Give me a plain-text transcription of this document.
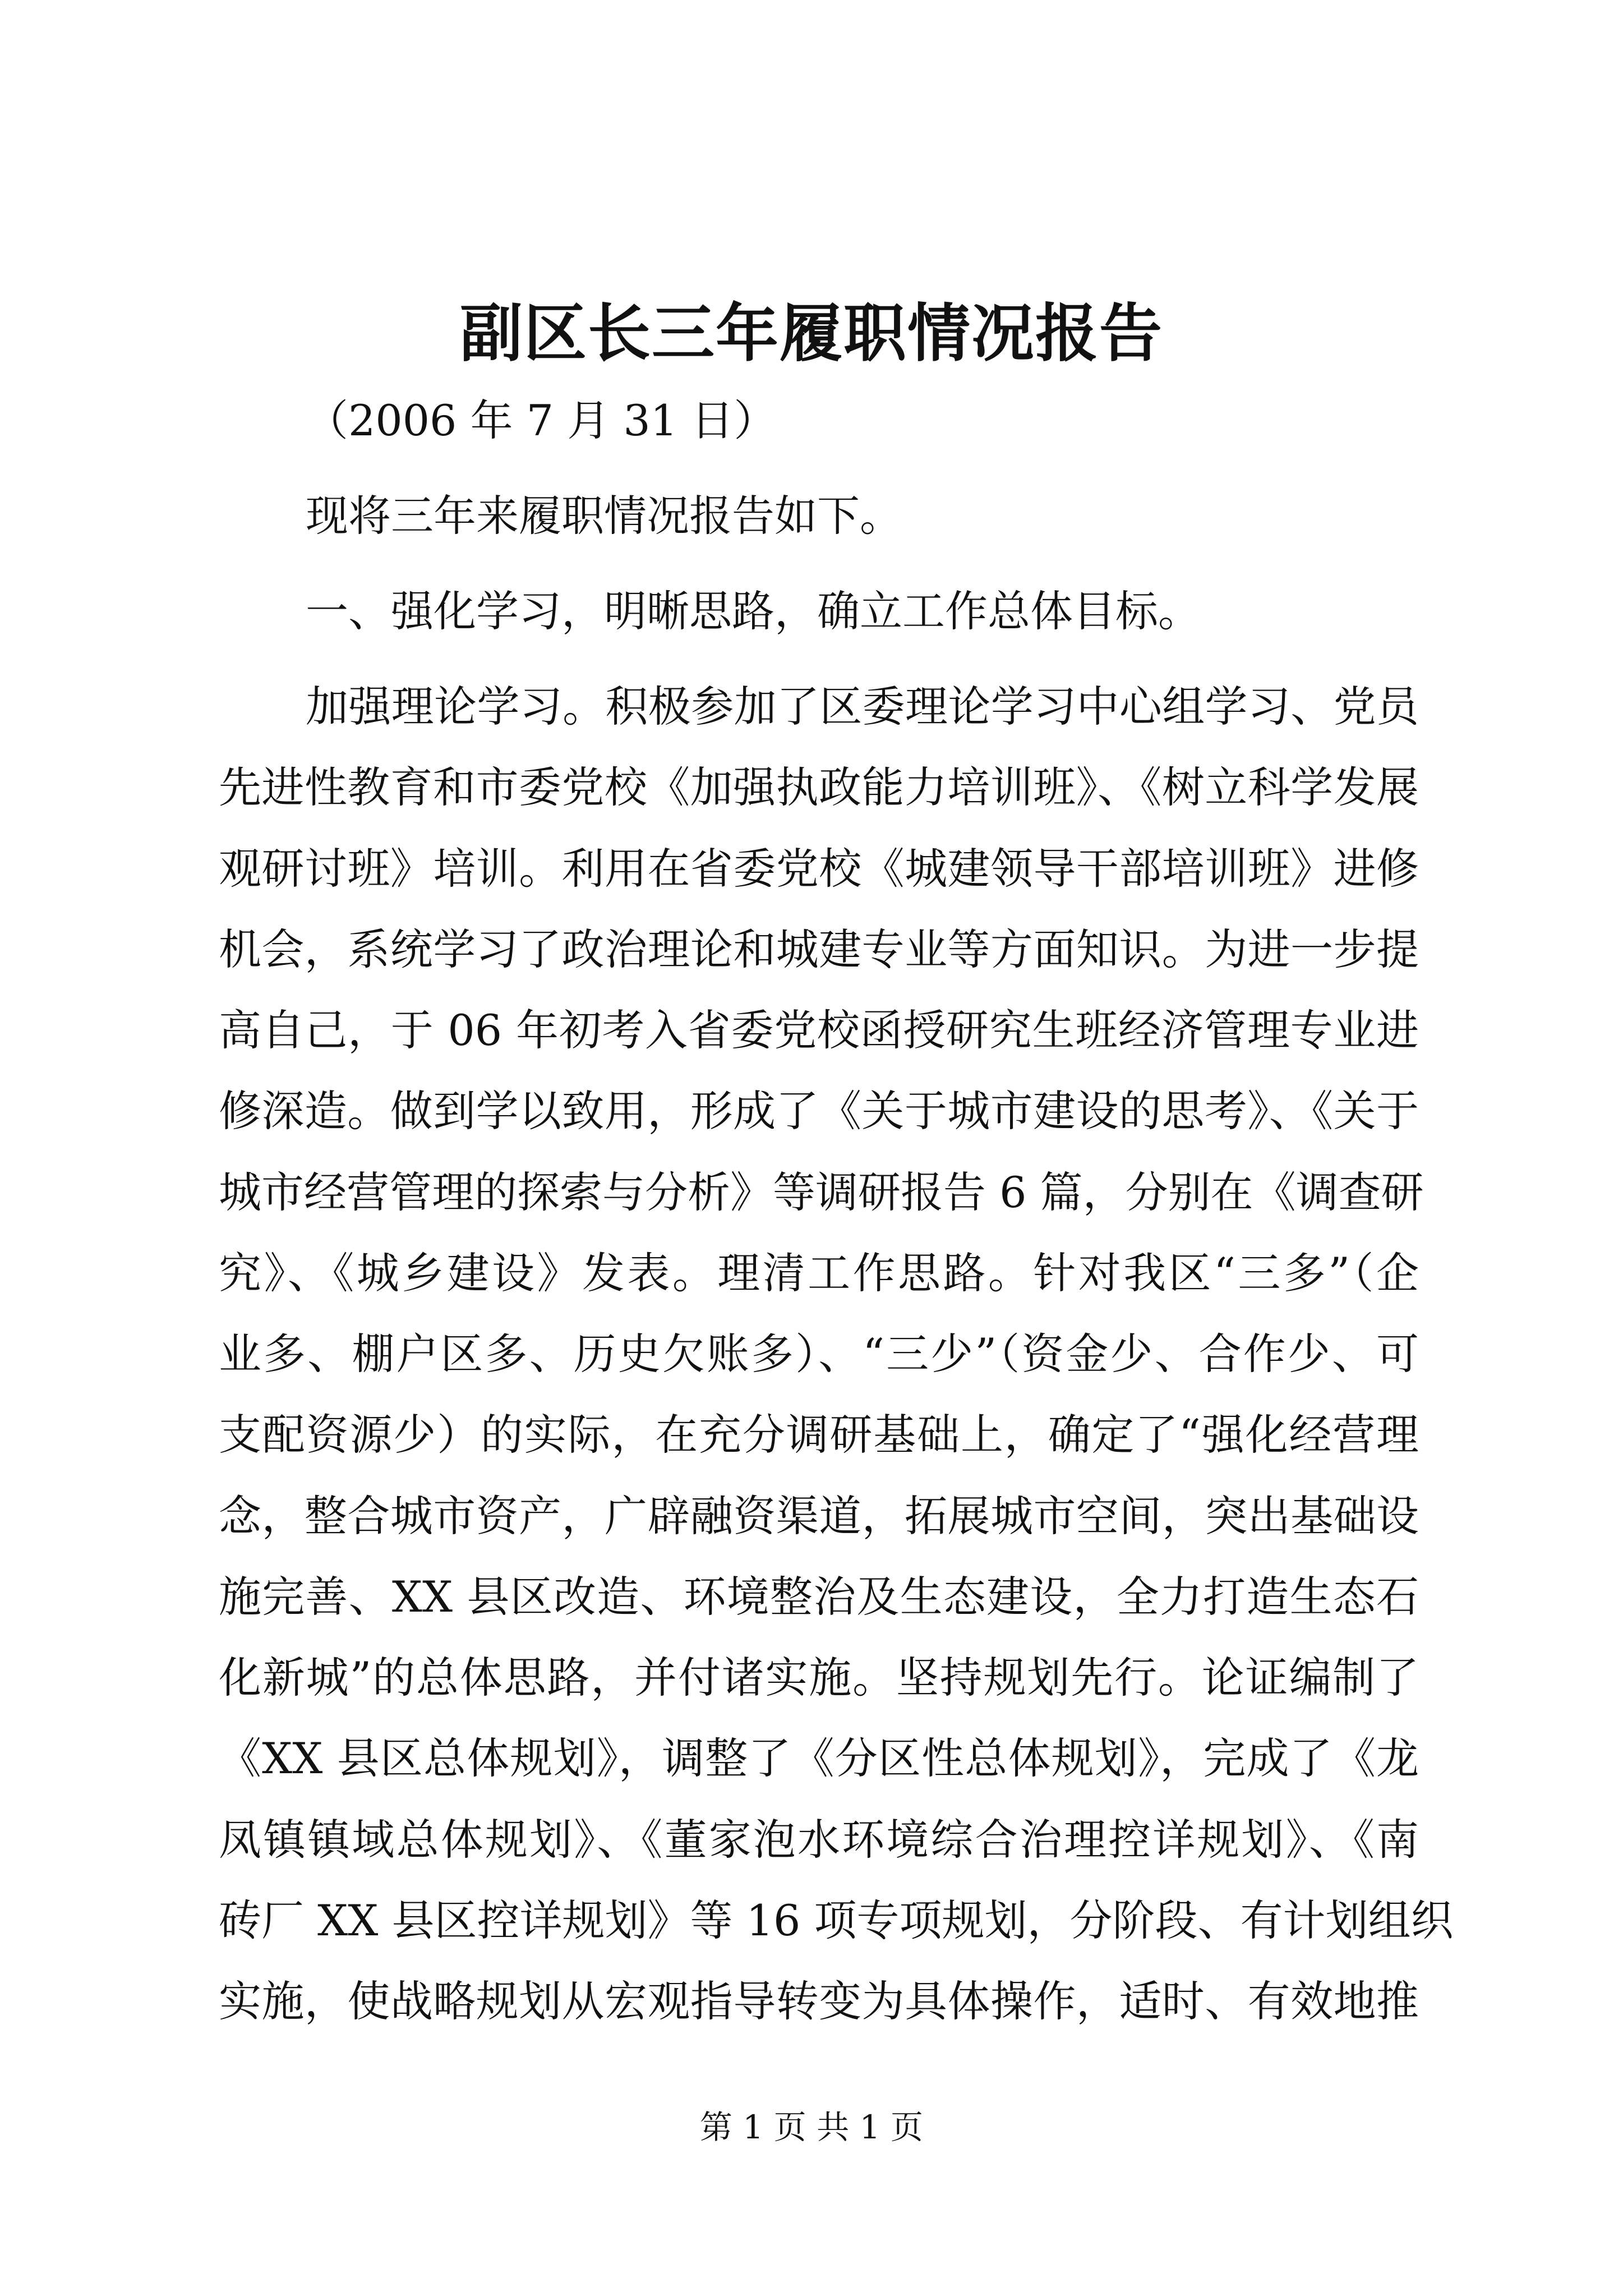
副区长三年履职情况报告
（2006 年 7 月 31 日）
现将三年来履职情况报告如下。
一、强化学习，明晰思路，确立工作总体目标。
加强理论学习。积极参加了区委理论学习中心组学习、党员
先进性教育和市委党校《加强执政能力培训班》、《树立科学发展
观研讨班》培训。利用在省委党校《城建领导干部培训班》进修
机会，系统学习了政治理论和城建专业等方面知识。为进一步提
高自己，于 06 年初考入省委党校函授研究生班经济管理专业进
修深造。做到学以致用，形成了《关于城市建设的思考》、《关于
城市经营管理的探索与分析》等调研报告 6 篇，分别在《调查研
究》、《城乡建设》发表。理清工作思路。针对我区“三多”（企
业多、棚户区多、历史欠账多）、“三少”（资金少、合作少、可
支配资源少）的实际，在充分调研基础上，确定了“强化经营理
念，整合城市资产，广辟融资渠道，拓展城市空间，突出基础设
施完善、XX 县区改造、环境整治及生态建设，全力打造生态石
化新城”的总体思路，并付诸实施。坚持规划先行。论证编制了
《XX 县区总体规划》，调整了《分区性总体规划》，完成了《龙
凤镇镇域总体规划》、《董家泡水环境综合治理控详规划》、《南
砖厂 XX 县区控详规划》等 16 项专项规划，分阶段、有计划组织
实施，使战略规划从宏观指导转变为具体操作，适时、有效地推
第 1 页 共 1 页
